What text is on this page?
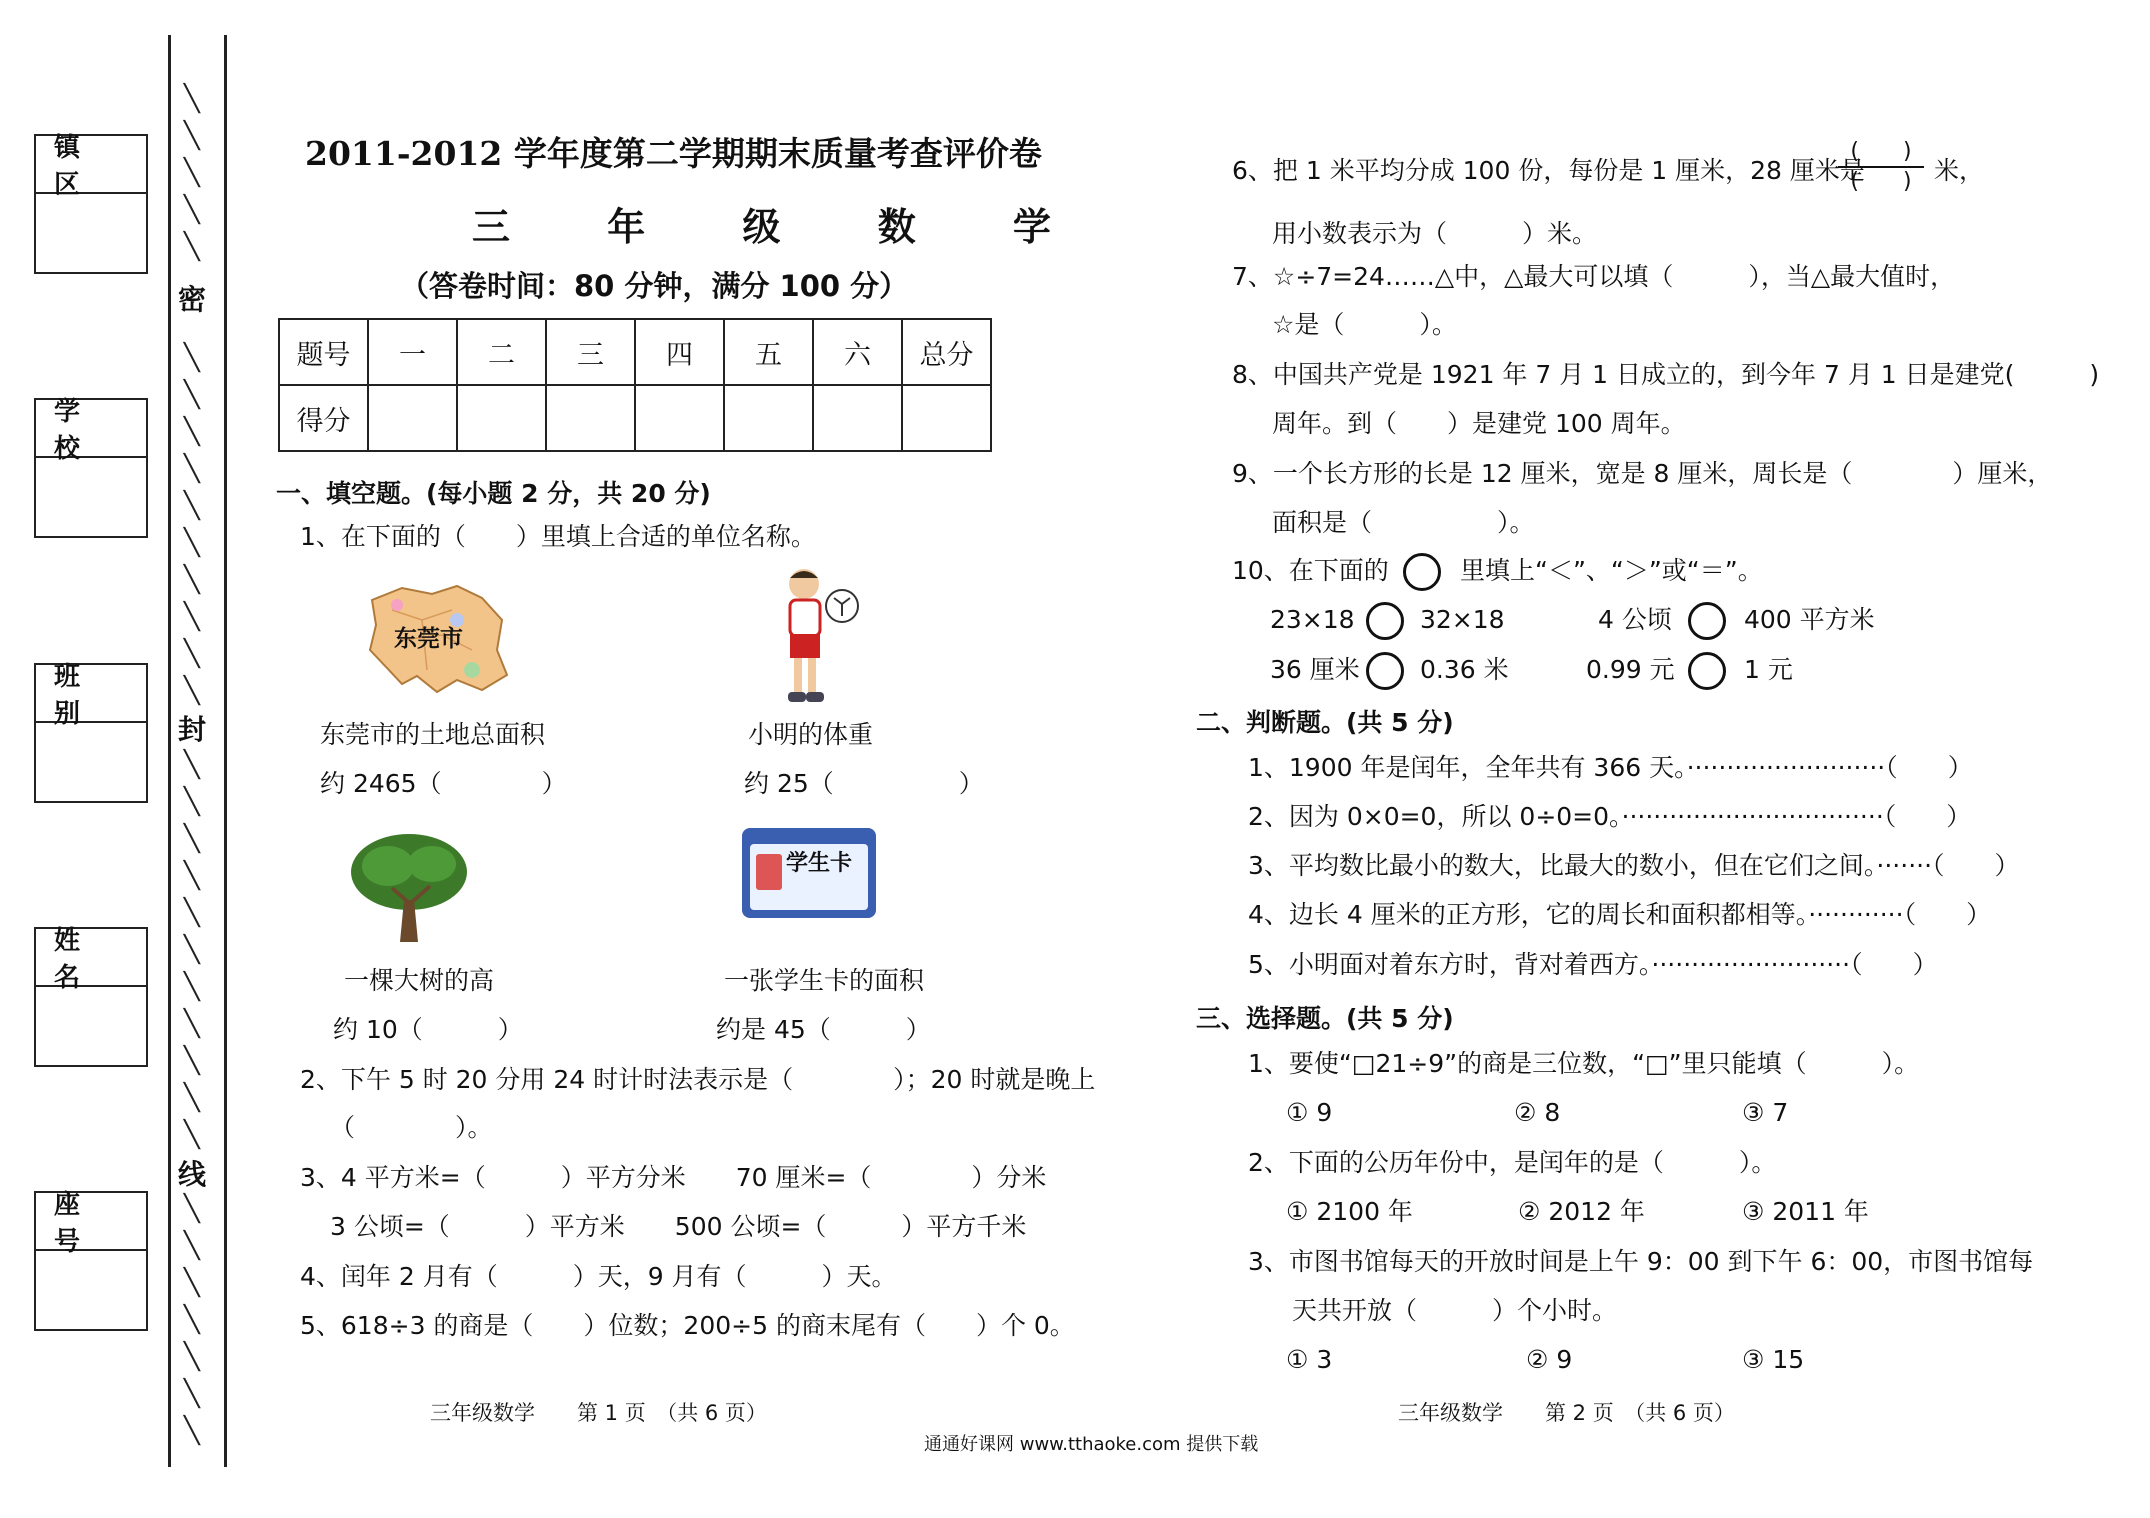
镇 区
学 校
班 别
姓 名
座 号
╲
╲
╲
╲
╲
╲
╲
╲
╲
╲
╲
╲
╲
╲
╲
╲
╲
╲
╲
╲
╲
╲
╲
╲
╲
╲
╲
╲
╲
╲
╲
╲
╲
密
封
线
2011-2012 学年度第二学期期末质量考查评价卷
三 年 级 数 学
（答卷时间：80 分钟，满分 100 分）
题号	一	二	三	四	五	六	总分
得分							
一、填空题。(每小题 2 分，共 20 分)
1、在下面的（　　）里填上合适的单位名称。
东莞市
东莞市的土地总面积
约 2465（　　　　）
小明的体重
约 25（　　　　　）
一棵大树的高
约 10（　　　）
学生卡
一张学生卡的面积
约是 45（　　　）
2、下午 5 时 20 分用 24 时计时法表示是（　　　　）；20 时就是晚上
（　　　　）。
3、4 平方米=（　　　）平方分米　　70 厘米=（　　　　）分米
3 公顷=（　　　）平方米　　500 公顷=（　　　）平方千米
4、闰年 2 月有（　　　）天，9 月有（　　　）天。
5、618÷3 的商是（　　）位数；200÷5 的商末尾有（　　）个 0。
三年级数学　　第 1 页　（共 6 页）
6、把 1 米平均分成 100 份，每份是 1 厘米，28 厘米是
(　　)
(　　) 米，
用小数表示为（　　　）米。
7、☆÷7=24……△中，△最大可以填（　　　），当△最大值时，
☆是（　　　）。
8、中国共产党是 1921 年 7 月 1 日成立的，到今年 7 月 1 日是建党(　　　)
周年。到（　　）是建党 100 周年。
9、一个长方形的长是 12 厘米，宽是 8 厘米，周长是（　　　　）厘米，
面积是（　　　　　）。
10、在下面的	里填上“＜”、“＞”或“＝”。
23×18	32×18	4 公顷	400 平方米
36 厘米 0.36 米	0.99 元	1 元
二、判断题。(共 5 分)
1、1900 年是闰年，全年共有 366 天。·························（　　）
2、因为 0×0=0，所以 0÷0=0。·································（　　）
3、平均数比最小的数大，比最大的数小，但在它们之间。·······（　　）
4、边长 4 厘米的正方形，它的周长和面积都相等。············（　　）
5、小明面对着东方时，背对着西方。·························（　　）
三、选择题。(共 5 分)
1、要使“□21÷9”的商是三位数，“□”里只能填（　　　）。
① 9	② 8	③ 7
2、下面的公历年份中，是闰年的是（　　　）。
① 2100 年	② 2012 年	③ 2011 年
3、市图书馆每天的开放时间是上午 9：00 到下午 6：00，市图书馆每
天共开放（　　　）个小时。
① 3	② 9	③ 15
三年级数学　　第 2 页　（共 6 页）
通通好课网 www.tthaoke.com 提供下载
